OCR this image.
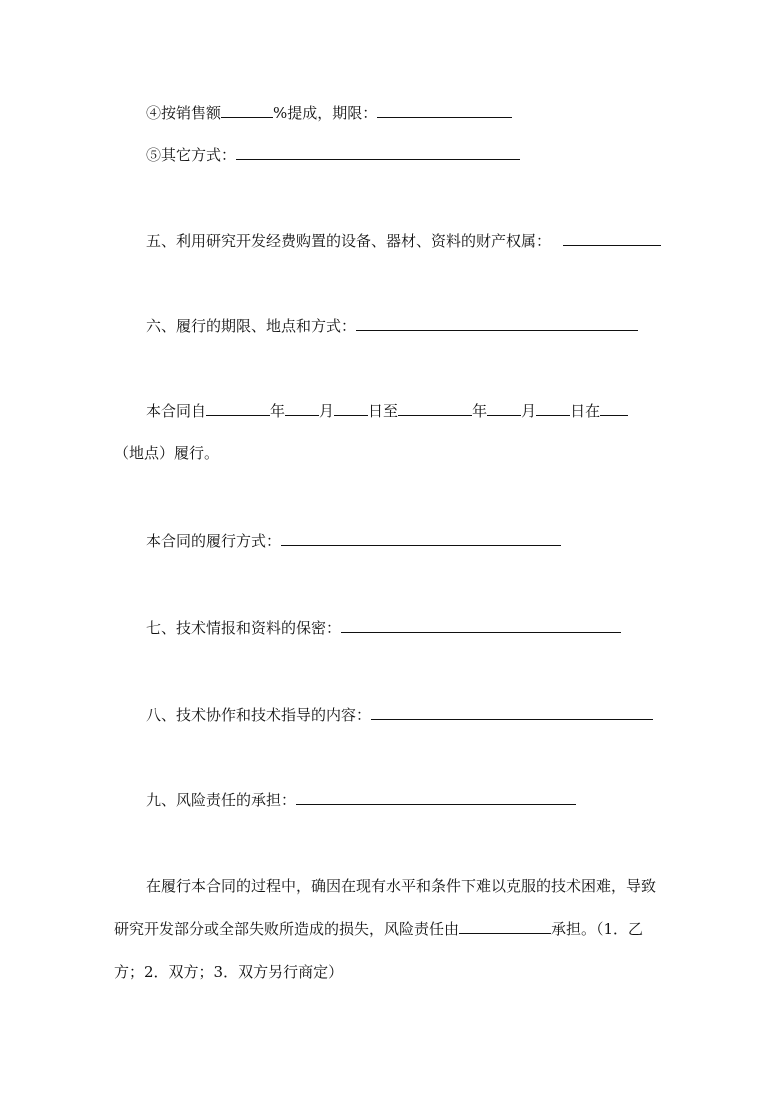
④按销售额	%提成，期限：
⑤其它方式：
五、利用研究开发经费购置的设备、器材、资料的财产权属：
六、履行的期限、地点和方式：
本合同自	年 月 日至	年 月 日在
（地点）履行。
本合同的履行方式：
七、技术情报和资料的保密：
八、技术协作和技术指导的内容：
九、风险责任的承担：
在履行本合同的过程中，确因在现有水平和条件下难以克服的技术困难，导致
研究开发部分或全部失败所造成的损失，风险责任由	承担。（1．乙
方；2．双方；3．双方另行商定）
